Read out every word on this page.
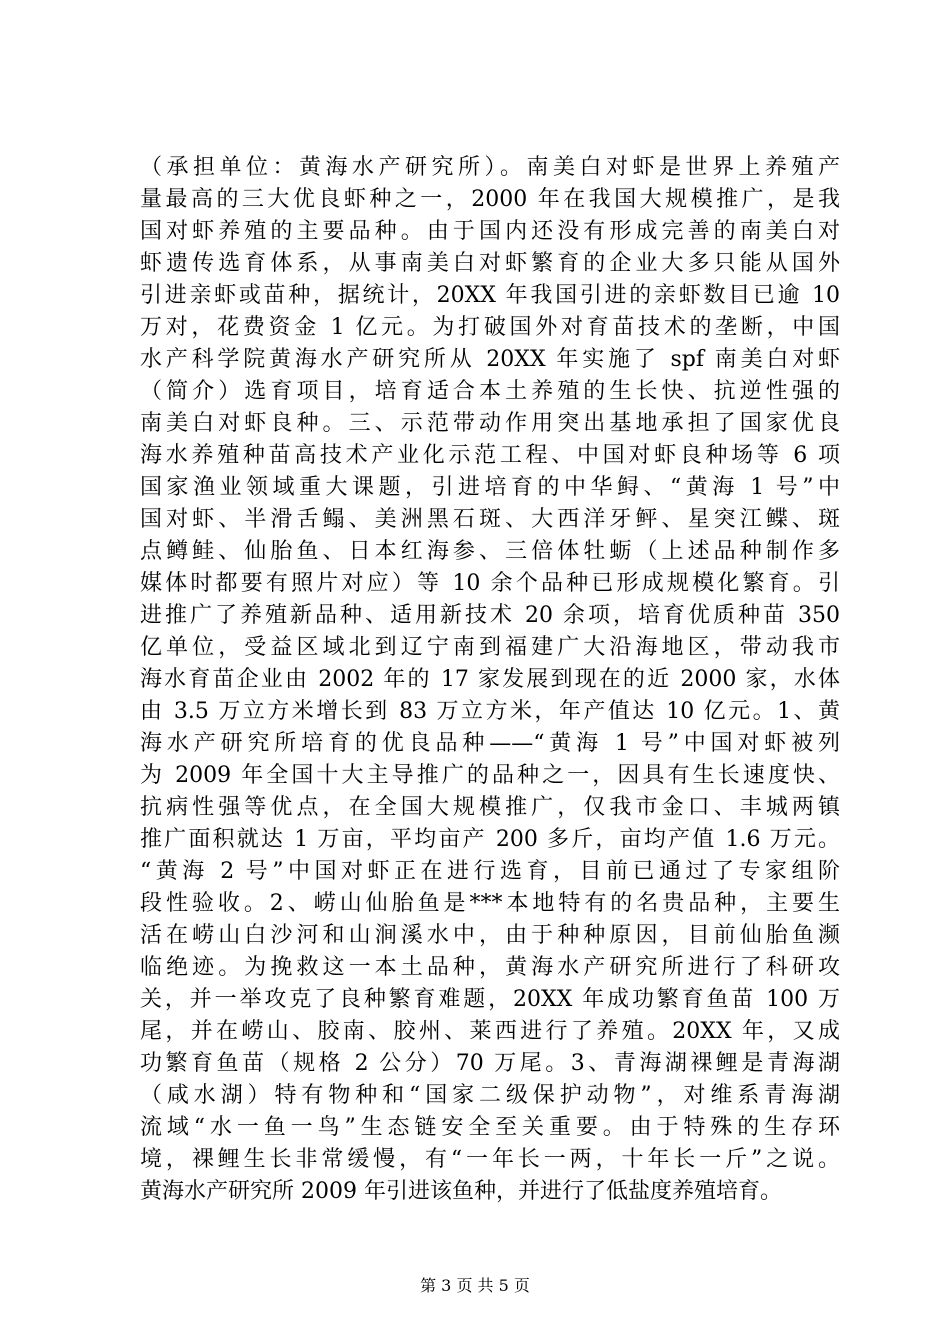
（承担单位：黄海水产研究所）。南美白对虾是世界上养殖产
量最高的三大优良虾种之一，2000 年在我国大规模推广，是我
国对虾养殖的主要品种。由于国内还没有形成完善的南美白对
虾遗传选育体系，从事南美白对虾繁育的企业大多只能从国外
引进亲虾或苗种，据统计，20XX 年我国引进的亲虾数目已逾 10
万对，花费资金 1 亿元。为打破国外对育苗技术的垄断，中国
水产科学院黄海水产研究所从 20XX 年实施了 spf 南美白对虾
（简介）选育项目，培育适合本土养殖的生长快、抗逆性强的
南美白对虾良种。三、示范带动作用突出基地承担了国家优良
海水养殖种苗高技术产业化示范工程、中国对虾良种场等 6 项
国家渔业领域重大课题，引进培育的中华鲟、“黄海 1 号”中
国对虾、半滑舌鳎、美洲黑石斑、大西洋牙鲆、星突江鲽、斑
点鳟鲑、仙胎鱼、日本红海参、三倍体牡蛎（上述品种制作多
媒体时都要有照片对应）等 10 余个品种已形成规模化繁育。引
进推广了养殖新品种、适用新技术 20 余项，培育优质种苗 350
亿单位，受益区域北到辽宁南到福建广大沿海地区，带动我市
海水育苗企业由 2002 年的 17 家发展到现在的近 2000 家，水体
由 3.5 万立方米增长到 83 万立方米，年产值达 10 亿元。1、黄
海水产研究所培育的优良品种——“黄海 1 号”中国对虾被列
为 2009 年全国十大主导推广的品种之一，因具有生长速度快、
抗病性强等优点，在全国大规模推广，仅我市金口、丰城两镇
推广面积就达 1 万亩，平均亩产 200 多斤，亩均产值 1.6 万元。
“黄海 2 号”中国对虾正在进行选育，目前已通过了专家组阶
段性验收。2、崂山仙胎鱼是***本地特有的名贵品种，主要生
活在崂山白沙河和山涧溪水中，由于种种原因，目前仙胎鱼濒
临绝迹。为挽救这一本土品种，黄海水产研究所进行了科研攻
关，并一举攻克了良种繁育难题，20XX 年成功繁育鱼苗 100 万
尾，并在崂山、胶南、胶州、莱西进行了养殖。20XX 年，又成
功繁育鱼苗（规格 2 公分）70 万尾。3、青海湖裸鲤是青海湖
（咸水湖）特有物种和“国家二级保护动物”，对维系青海湖
流域“水一鱼一鸟”生态链安全至关重要。由于特殊的生存环
境，裸鲤生长非常缓慢，有“一年长一两，十年长一斤”之说。
黄海水产研究所 2009 年引进该鱼种，并进行了低盐度养殖培育。
第 3 页 共 5 页
